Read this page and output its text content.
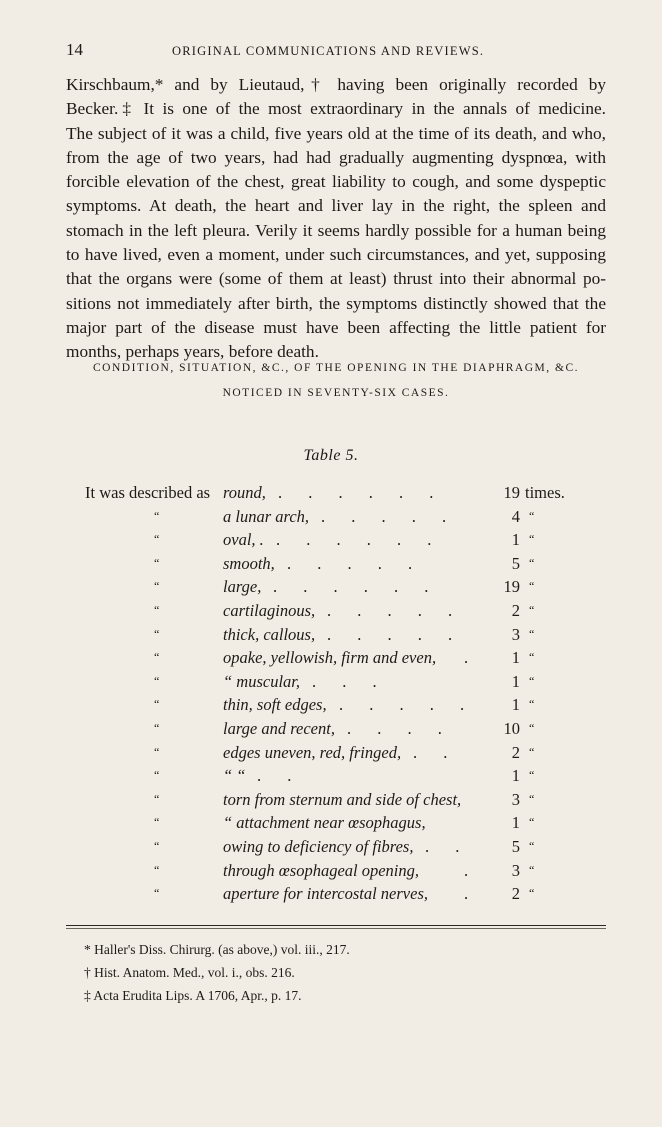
14	ORIGINAL COMMUNICATIONS AND REVIEWS.
Kirschbaum,* and by Lieutaud,† having been originally recorded by
Becker.‡ It is one of the most extraordinary in the annals of medicine.
The subject of it was a child, five years old at the time of its death, and who,
from the age of two years, had had gradually augmenting dyspnœa, with
forcible elevation of the chest, great liability to cough, and some dyspeptic
symptoms. At death, the heart and liver lay in the right, the spleen and
stomach in the left pleura. Verily it seems hardly possible for a human being
to have lived, even a moment, under such circumstances, and yet, supposing
that the organs were (some of them at least) thrust into their abnormal po-
sitions not immediately after birth, the symptoms distinctly showed that the
major part of the disease must have been affecting the little patient for
months, perhaps years, before death.
CONDITION, SITUATION, &C., OF THE OPENING IN THE DIAPHRAGM, &C.
NOTICED IN SEVENTY-SIX CASES.
Table 5.
It was described as round, . . . . . .	19 times.
“	a lunar arch, . . . . .	4 “
“	oval, . . . . . . .	1 “
“	smooth, . . . . .	5 “
“	large, . . . . . .	19 “
“	cartilaginous, . . . . .	2 “
“	thick, callous, . . . . .	3 “
“	opake, yellowish, firm and even, .	1 “
“	“ muscular, . . .	1 “
“	thin, soft edges, . . . . .	1 “
“	large and recent, . . . .	10 “
“	edges uneven, red, fringed, . .	2 “
“	“ “ . .	1 “
“	torn from sternum and side of chest,	3 “
“	“ attachment near œsophagus,	1 “
“	owing to deficiency of fibres, . .	5 “
“	through œsophageal opening,	.	3 “
“	aperture for intercostal nerves, .	2 “
* Haller's Diss. Chirurg. (as above,) vol. iii., 217.
† Hist. Anatom. Med., vol. i., obs. 216.
‡ Acta Erudita Lips. A 1706, Apr., p. 17.
